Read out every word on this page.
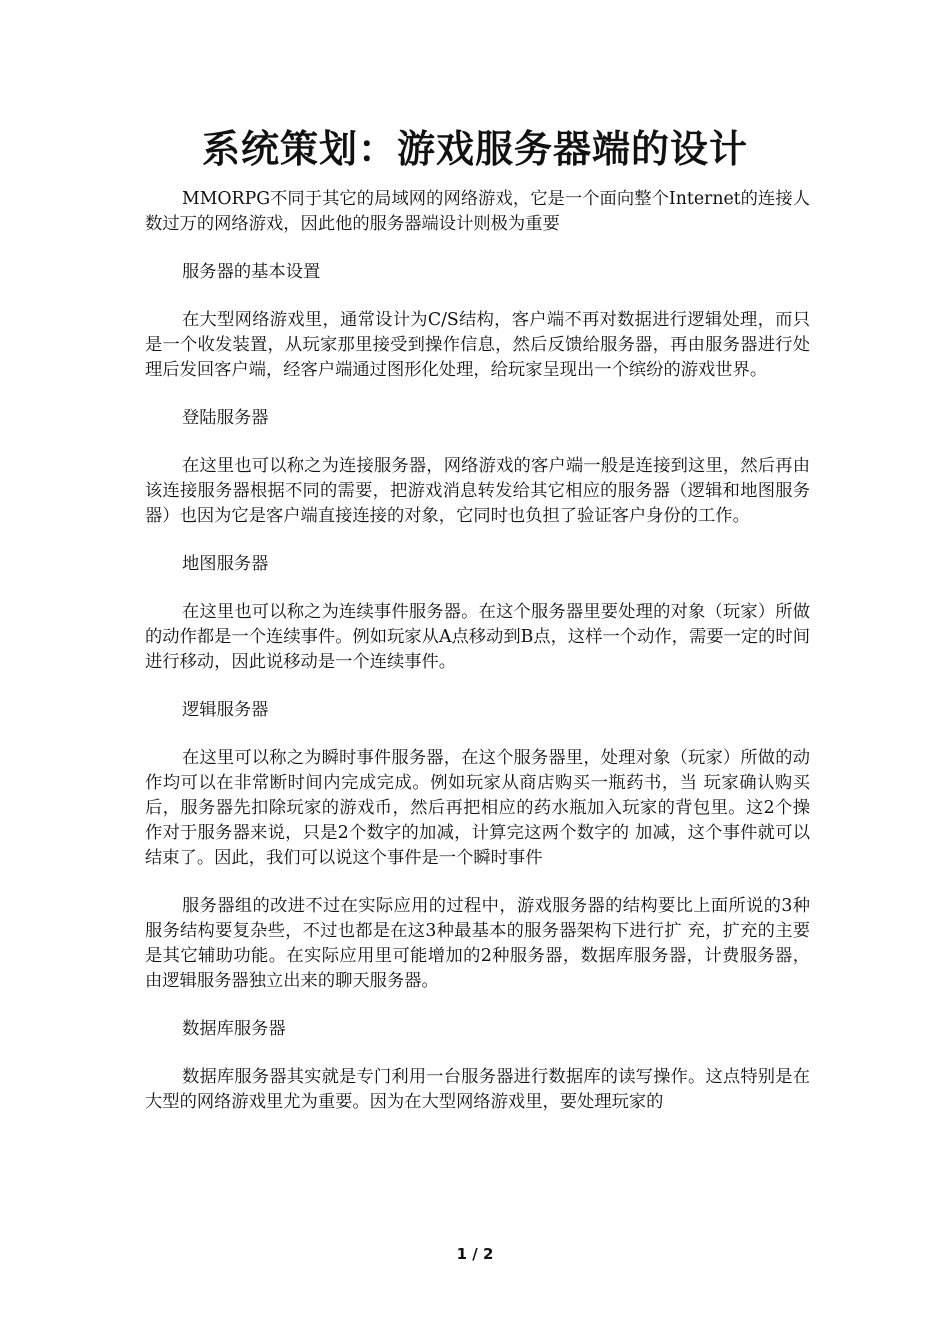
系统策划：游戏服务器端的设计

MMORPG不同于其它的局域网的网络游戏，它是一个面向整个Internet的连接人数过万的网络游戏，因此他的服务器端设计则极为重要

服务器的基本设置

在大型网络游戏里，通常设计为C/S结构，客户端不再对数据进行逻辑处理，而只是一个收发装置，从玩家那里接受到操作信息，然后反馈给服务器，再由服务器进行处理后发回客户端，经客户端通过图形化处理，给玩家呈现出一个缤纷的游戏世界。

登陆服务器

在这里也可以称之为连接服务器，网络游戏的客户端一般是连接到这里，然后再由该连接服务器根据不同的需要，把游戏消息转发给其它相应的服务器（逻辑和地图服务器）也因为它是客户端直接连接的对象，它同时也负担了验证客户身份的工作。

地图服务器

在这里也可以称之为连续事件服务器。在这个服务器里要处理的对象（玩家）所做的动作都是一个连续事件。例如玩家从A点移动到B点，这样一个动作，需要一定的时间进行移动，因此说移动是一个连续事件。

逻辑服务器

在这里可以称之为瞬时事件服务器，在这个服务器里，处理对象（玩家）所做的动作均可以在非常断时间内完成完成。例如玩家从商店购买一瓶药书，当 玩家确认购买后，服务器先扣除玩家的游戏币，然后再把相应的药水瓶加入玩家的背包里。这2个操作对于服务器来说，只是2个数字的加减，计算完这两个数字的 加减，这个事件就可以结束了。因此，我们可以说这个事件是一个瞬时事件

服务器组的改进不过在实际应用的过程中，游戏服务器的结构要比上面所说的3种服务结构要复杂些，不过也都是在这3种最基本的服务器架构下进行扩 充，扩充的主要是其它辅助功能。在实际应用里可能增加的2种服务器，数据库服务器，计费服务器，由逻辑服务器独立出来的聊天服务器。

数据库服务器

数据库服务器其实就是专门利用一台服务器进行数据库的读写操作。这点特别是在大型的网络游戏里尤为重要。因为在大型网络游戏里，要处理玩家的

1 / 2
